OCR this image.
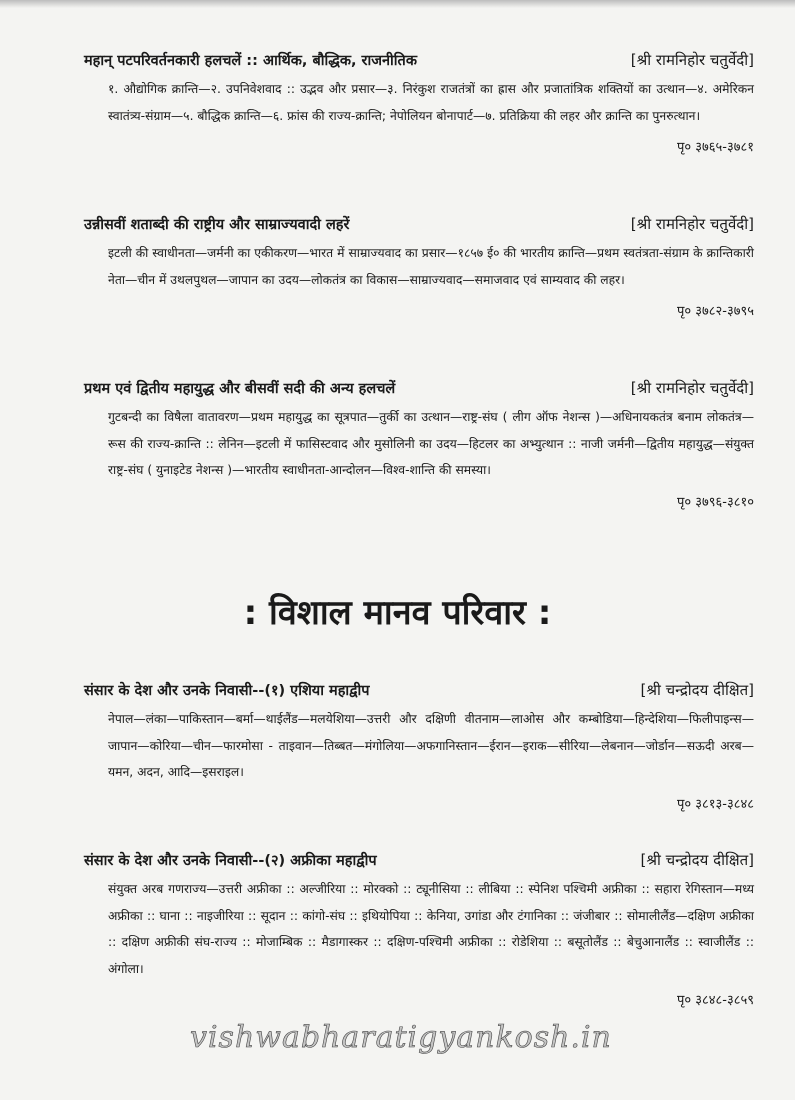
महान् पटपरिवर्तनकारी हलचलें :: आर्थिक, बौद्धिक, राजनीतिक	[श्री रामनिहोर चतुर्वेदी]
१. औद्योगिक क्रान्ति—२. उपनिवेशवाद :: उद्भव और प्रसार—३. निरंकुश राजतंत्रों का ह्रास और प्रजातांत्रिक शक्तियों का उत्थान—४. अमेरिकन स्वातंत्र्य-संग्राम—५. बौद्धिक क्रान्ति—६. फ्रांस की राज्य-क्रान्ति; नेपोलियन बोनापार्ट—७. प्रतिक्रिया की लहर और क्रान्ति का पुनरुत्थान।
पृ० ३७६५-३७८१
उन्नीसवीं शताब्दी की राष्ट्रीय और साम्राज्यवादी लहरें	[श्री रामनिहोर चतुर्वेदी]
इटली की स्वाधीनता—जर्मनी का एकीकरण—भारत में साम्राज्यवाद का प्रसार—१८५७ ई० की भारतीय क्रान्ति—प्रथम स्वतंत्रता-संग्राम के क्रान्तिकारी नेता—चीन में उथलपुथल—जापान का उदय—लोकतंत्र का विकास—साम्राज्यवाद—समाजवाद एवं साम्यवाद की लहर।
पृ० ३७८२-३७९५
प्रथम एवं द्वितीय महायुद्ध और बीसवीं सदी की अन्य हलचलें	[श्री रामनिहोर चतुर्वेदी]
गुटबन्दी का विषैला वातावरण—प्रथम महायुद्ध का सूत्रपात—तुर्की का उत्थान—राष्ट्र-संघ ( लीग ऑफ नेशन्स )—अधिनायकतंत्र बनाम लोकतंत्र—रूस की राज्य-क्रान्ति :: लेनिन—इटली में फासिस्टवाद और मुसोलिनी का उदय—हिटलर का अभ्युत्थान :: नाजी जर्मनी—द्वितीय महायुद्ध—संयुक्त राष्ट्र-संघ ( युनाइटेड नेशन्स )—भारतीय स्वाधीनता-आन्दोलन—विश्व-शान्ति की समस्या।
पृ० ३७९६-३८१०
: विशाल मानव परिवार :
संसार के देश और उनके निवासी--(१) एशिया महाद्वीप	[श्री चन्द्रोदय दीक्षित]
नेपाल—लंका—पाकिस्तान—बर्मा—थाईलैंड—मलयेशिया—उत्तरी और दक्षिणी वीतनाम—लाओस और कम्बोडिया—हिन्देशिया—फिलीपाइन्स—जापान—कोरिया—चीन—फारमोसा - ताइवान—तिब्बत—मंगोलिया—अफगानिस्तान—ईरान—इराक—सीरिया—लेबनान—जोर्डान—सऊदी अरब—यमन, अदन, आदि—इसराइल।
पृ० ३८१३-३८४८
संसार के देश और उनके निवासी--(२) अफ्रीका महाद्वीप	[श्री चन्द्रोदय दीक्षित]
संयुक्त अरब गणराज्य—उत्तरी अफ्रीका :: अल्जीरिया :: मोरक्को :: ट्यूनीसिया :: लीबिया :: स्पेनिश पश्चिमी अफ्रीका :: सहारा रेगिस्तान—मध्य अफ्रीका :: घाना :: नाइजीरिया :: सूदान :: कांगो-संघ :: इथियोपिया :: केनिया, उगांडा और टंगानिका :: जंजीबार :: सोमालीलैंड—दक्षिण अफ्रीका :: दक्षिण अफ्रीकी संघ-राज्य :: मोजाम्बिक :: मैडागास्कर :: दक्षिण-पश्चिमी अफ्रीका :: रोडेशिया :: बसूतोलैंड :: बेचुआनालैंड :: स्वाजीलैंड :: अंगोला।
पृ० ३८४८-३८५९
vishwabharatigyankosh.in
